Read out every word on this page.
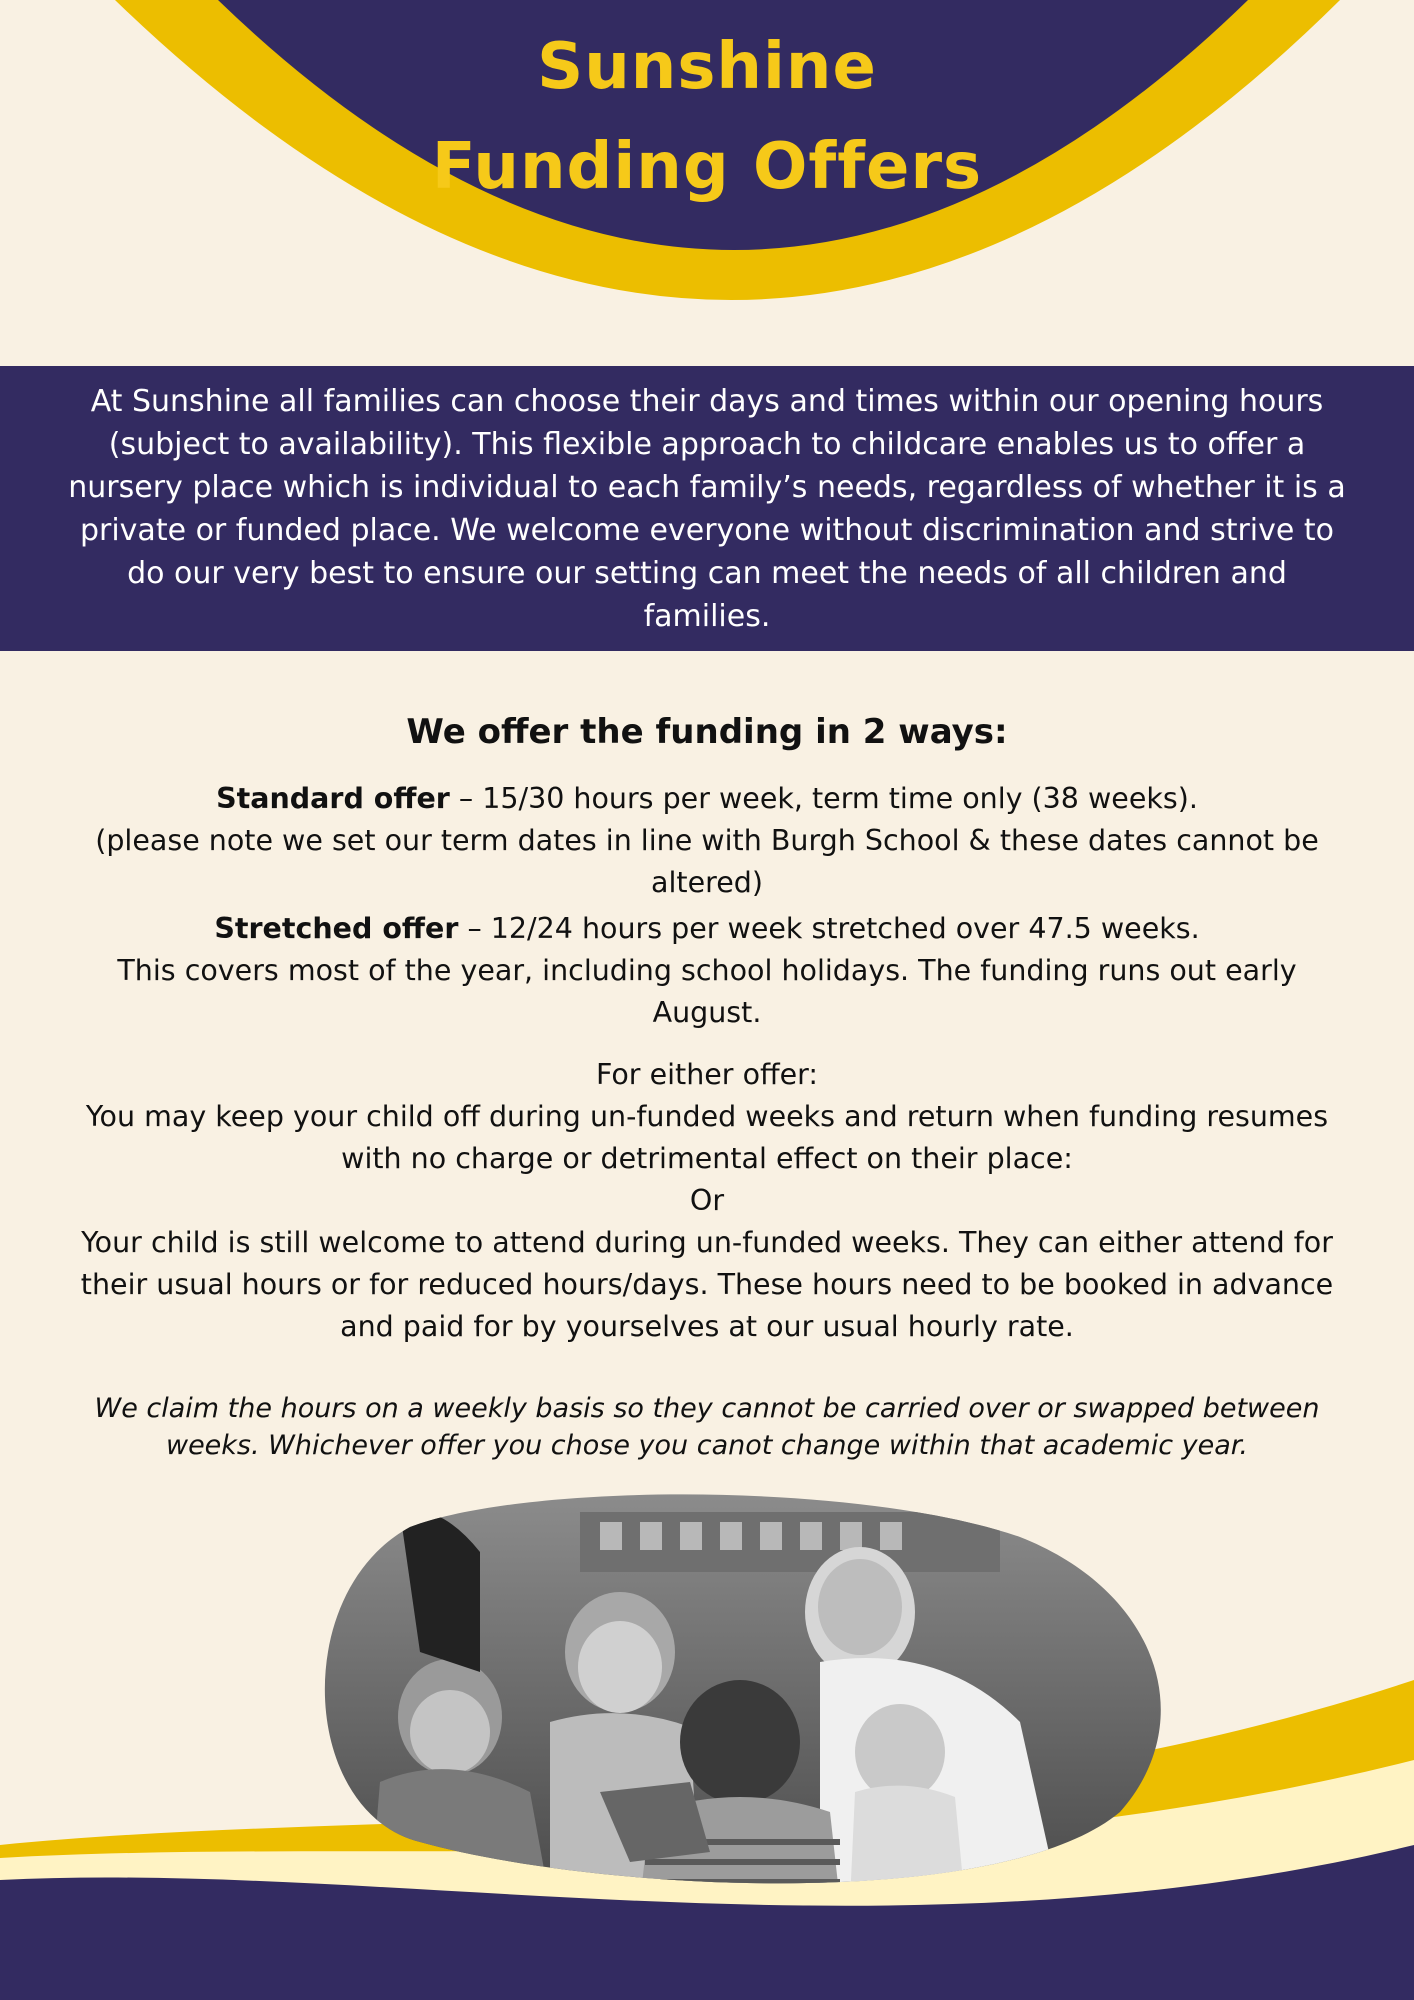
Sunshine
Funding Offers

At Sunshine all families can choose their days and times within our opening hours (subject to availability). This flexible approach to childcare enables us to offer a nursery place which is individual to each family’s needs, regardless of whether it is a private or funded place. We welcome everyone without discrimination and strive to do our very best to ensure our setting can meet the needs of all children and families.

We offer the funding in 2 ways:
Standard offer – 15/30 hours per week, term time only (38 weeks).
(please note we set our term dates in line with Burgh School & these dates cannot be altered)
Stretched offer – 12/24 hours per week stretched over 47.5 weeks.
This covers most of the year, including school holidays. The funding runs out early August.
For either offer:
You may keep your child off during un-funded weeks and return when funding resumes with no charge or detrimental effect on their place:
Or
Your child is still welcome to attend during un-funded weeks. They can either attend for their usual hours or for reduced hours/days. These hours need to be booked in advance and paid for by yourselves at our usual hourly rate.

We claim the hours on a weekly basis so they cannot be carried over or swapped between weeks. Whichever offer you chose you canot change within that academic year.
